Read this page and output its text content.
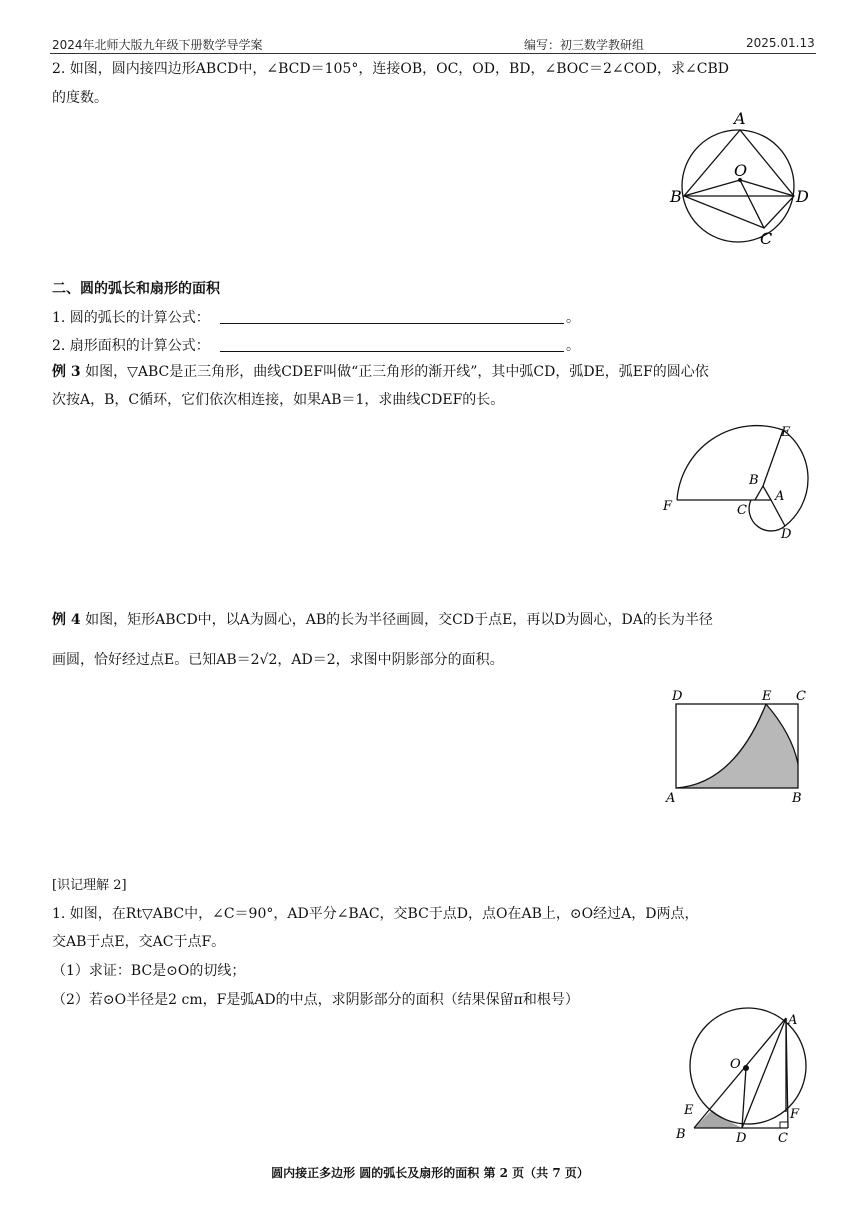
2024年北师大版九年级下册数学导学案	编写：初三数学教研组	2025.01.13
2. 如图，圆内接四边形ABCD中，∠BCD＝105°，连接OB，OC，OD，BD，∠BOC＝2∠COD，求∠CBD
的度数。
A
O
B	D
C
二、圆的弧长和扇形的面积
1. 圆的弧长的计算公式：	。
2. 扇形面积的计算公式：	。
例 3 如图，▽ABC是正三角形，曲线CDEF叫做“正三角形的渐开线”，其中弧CD，弧DE，弧EF的圆心依
次按A，B，C循环，它们依次相连接，如果AB＝1，求曲线CDEF的长。
E
B
A
F	C
D
例 4 如图，矩形ABCD中，以A为圆心，AB的长为半径画圆，交CD于点E，再以D为圆心，DA的长为半径
画圆，恰好经过点E。已知AB＝2√2，AD＝2，求图中阴影部分的面积。
D	E C
A	B
[识记理解 2]
1. 如图，在Rt▽ABC中，∠C＝90°，AD平分∠BAC，交BC于点D，点O在AB上，⊙O经过A，D两点，
交AB于点E，交AC于点F。
（1）求证：BC是⊙O的切线；
（2）若⊙O半径是2 cm，F是弧AD的中点，求阴影部分的面积（结果保留π和根号）
A
O
E	F
B	D C
圆内接正多边形 圆的弧长及扇形的面积 第 2 页（共 7 页）
